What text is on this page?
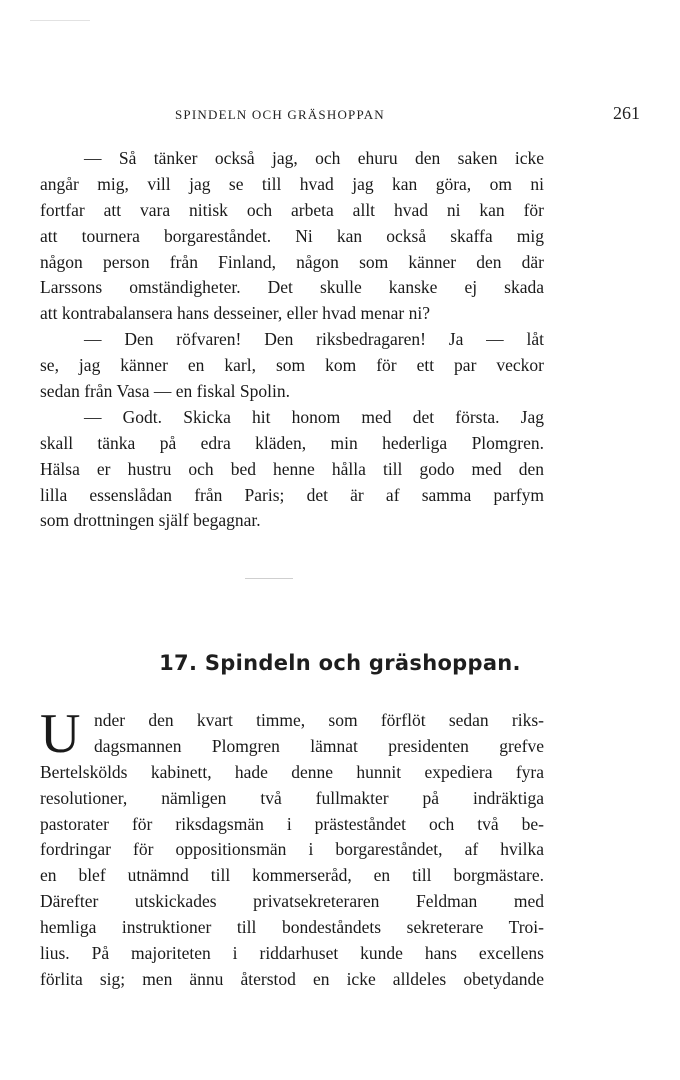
SPINDELN OCH GRÄSHOPPAN	261
— Så tänker också jag, och ehuru den saken icke
angår mig, vill jag se till hvad jag kan göra, om ni
fortfar att vara nitisk och arbeta allt hvad ni kan för
att tournera borgareståndet. Ni kan också skaffa mig
någon person från Finland, någon som känner den där
Larssons omständigheter. Det skulle kanske ej skada
att kontrabalansera hans desseiner, eller hvad menar ni?
— Den röfvaren! Den riksbedragaren! Ja — låt
se, jag känner en karl, som kom för ett par veckor
sedan från Vasa — en fiskal Spolin.
— Godt. Skicka hit honom med det första. Jag
skall tänka på edra kläden, min hederliga Plomgren.
Hälsa er hustru och bed henne hålla till godo med den
lilla essenslådan från Paris; det är af samma parfym
som drottningen själf begagnar.
17. Spindeln och gräshoppan.
U nder den kvart timme, som förflöt sedan riks-
dagsmannen Plomgren lämnat presidenten grefve
Bertelskölds kabinett, hade denne hunnit expediera fyra
resolutioner, nämligen två fullmakter på indräktiga
pastorater för riksdagsmän i prästeståndet och två be-
fordringar för oppositionsmän i borgareståndet, af hvilka
en blef utnämnd till kommerseråd, en till borgmästare.
Därefter utskickades privatsekreteraren Feldman med
hemliga instruktioner till bondeståndets sekreterare Troi-
lius. På majoriteten i riddarhuset kunde hans excellens
förlita sig; men ännu återstod en icke alldeles obetydande
